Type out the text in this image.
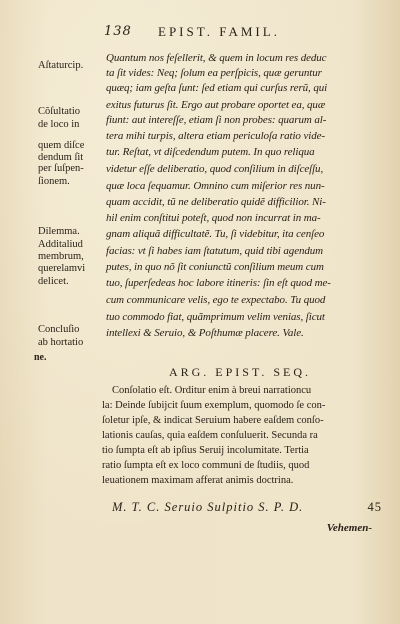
138 EPIST. FAMIL.
Aſtaturcip.
Cõſultatio
de loco in
quem diſce
dendum ſit
per ſuſpen-
ſionem.
Dilemma.
Additaliud
membrum,
querelamvi
delicet.
Concluſio
ab hortatio
ne.
Quantum nos feſellerit, & quem in locum res deduc
ta ſit vides: Neq; ſolum ea perſpicis, quæ geruntur
quæq; iam geſta ſunt: ſed etiam qui curſus rerũ, qui
exitus futurus ſit. Ergo aut probare oportet ea, quæ
fiunt: aut intereſſe, etiam ſi non probes: quarum al-
tera mihi turpis, altera etiam periculoſa ratio vide-
tur. Reſtat, vt diſcedendum putem. In quo reliqua
videtur eſſe deliberatio, quod conſilium in diſceſſu,
quæ loca ſequamur. Omnino cum miſerior res nun-
quam accidit, tũ ne deliberatio quidẽ difficilior. Ni-
hil enim conſtitui poteſt, quod non incurrat in ma-
gnam aliquã difficultatẽ. Tu, ſi videbitur, ita cenſeo
facias: vt ſi habes iam ſtatutum, quid tibi agendum
putes, in quo nõ ſit coniunctũ conſilium meum cum
tuo, ſuperſedeas hoc labore itineris: ſin eſt quod me-
cum communicare velis, ego te expectabo. Tu quod
tuo commodo fiat, quãmprimum velim venias, ſicut
intellexi & Seruio, & Poſthumæ placere. Vale.
ARG. EPIST. SEQ.
Conſolatio eſt. Orditur enim à breui narrationcu
la: Deinde ſubijcit ſuum exemplum, quomodo ſe con-
ſoletur ipſe, & indicat Seruium habere eaſdem conſo-
lationis cauſas, quia eaſdem conſuluerit. Secunda ra
tio ſumpta eſt ab ipſius Seruij incolumitate. Tertia
ratio ſumpta eſt ex loco communi de ſtudiis, quod
leuationem maximam afferat animis doctrina.
M. T. C. Seruio Sulpitio S. P. D.	45
Vehemen-
